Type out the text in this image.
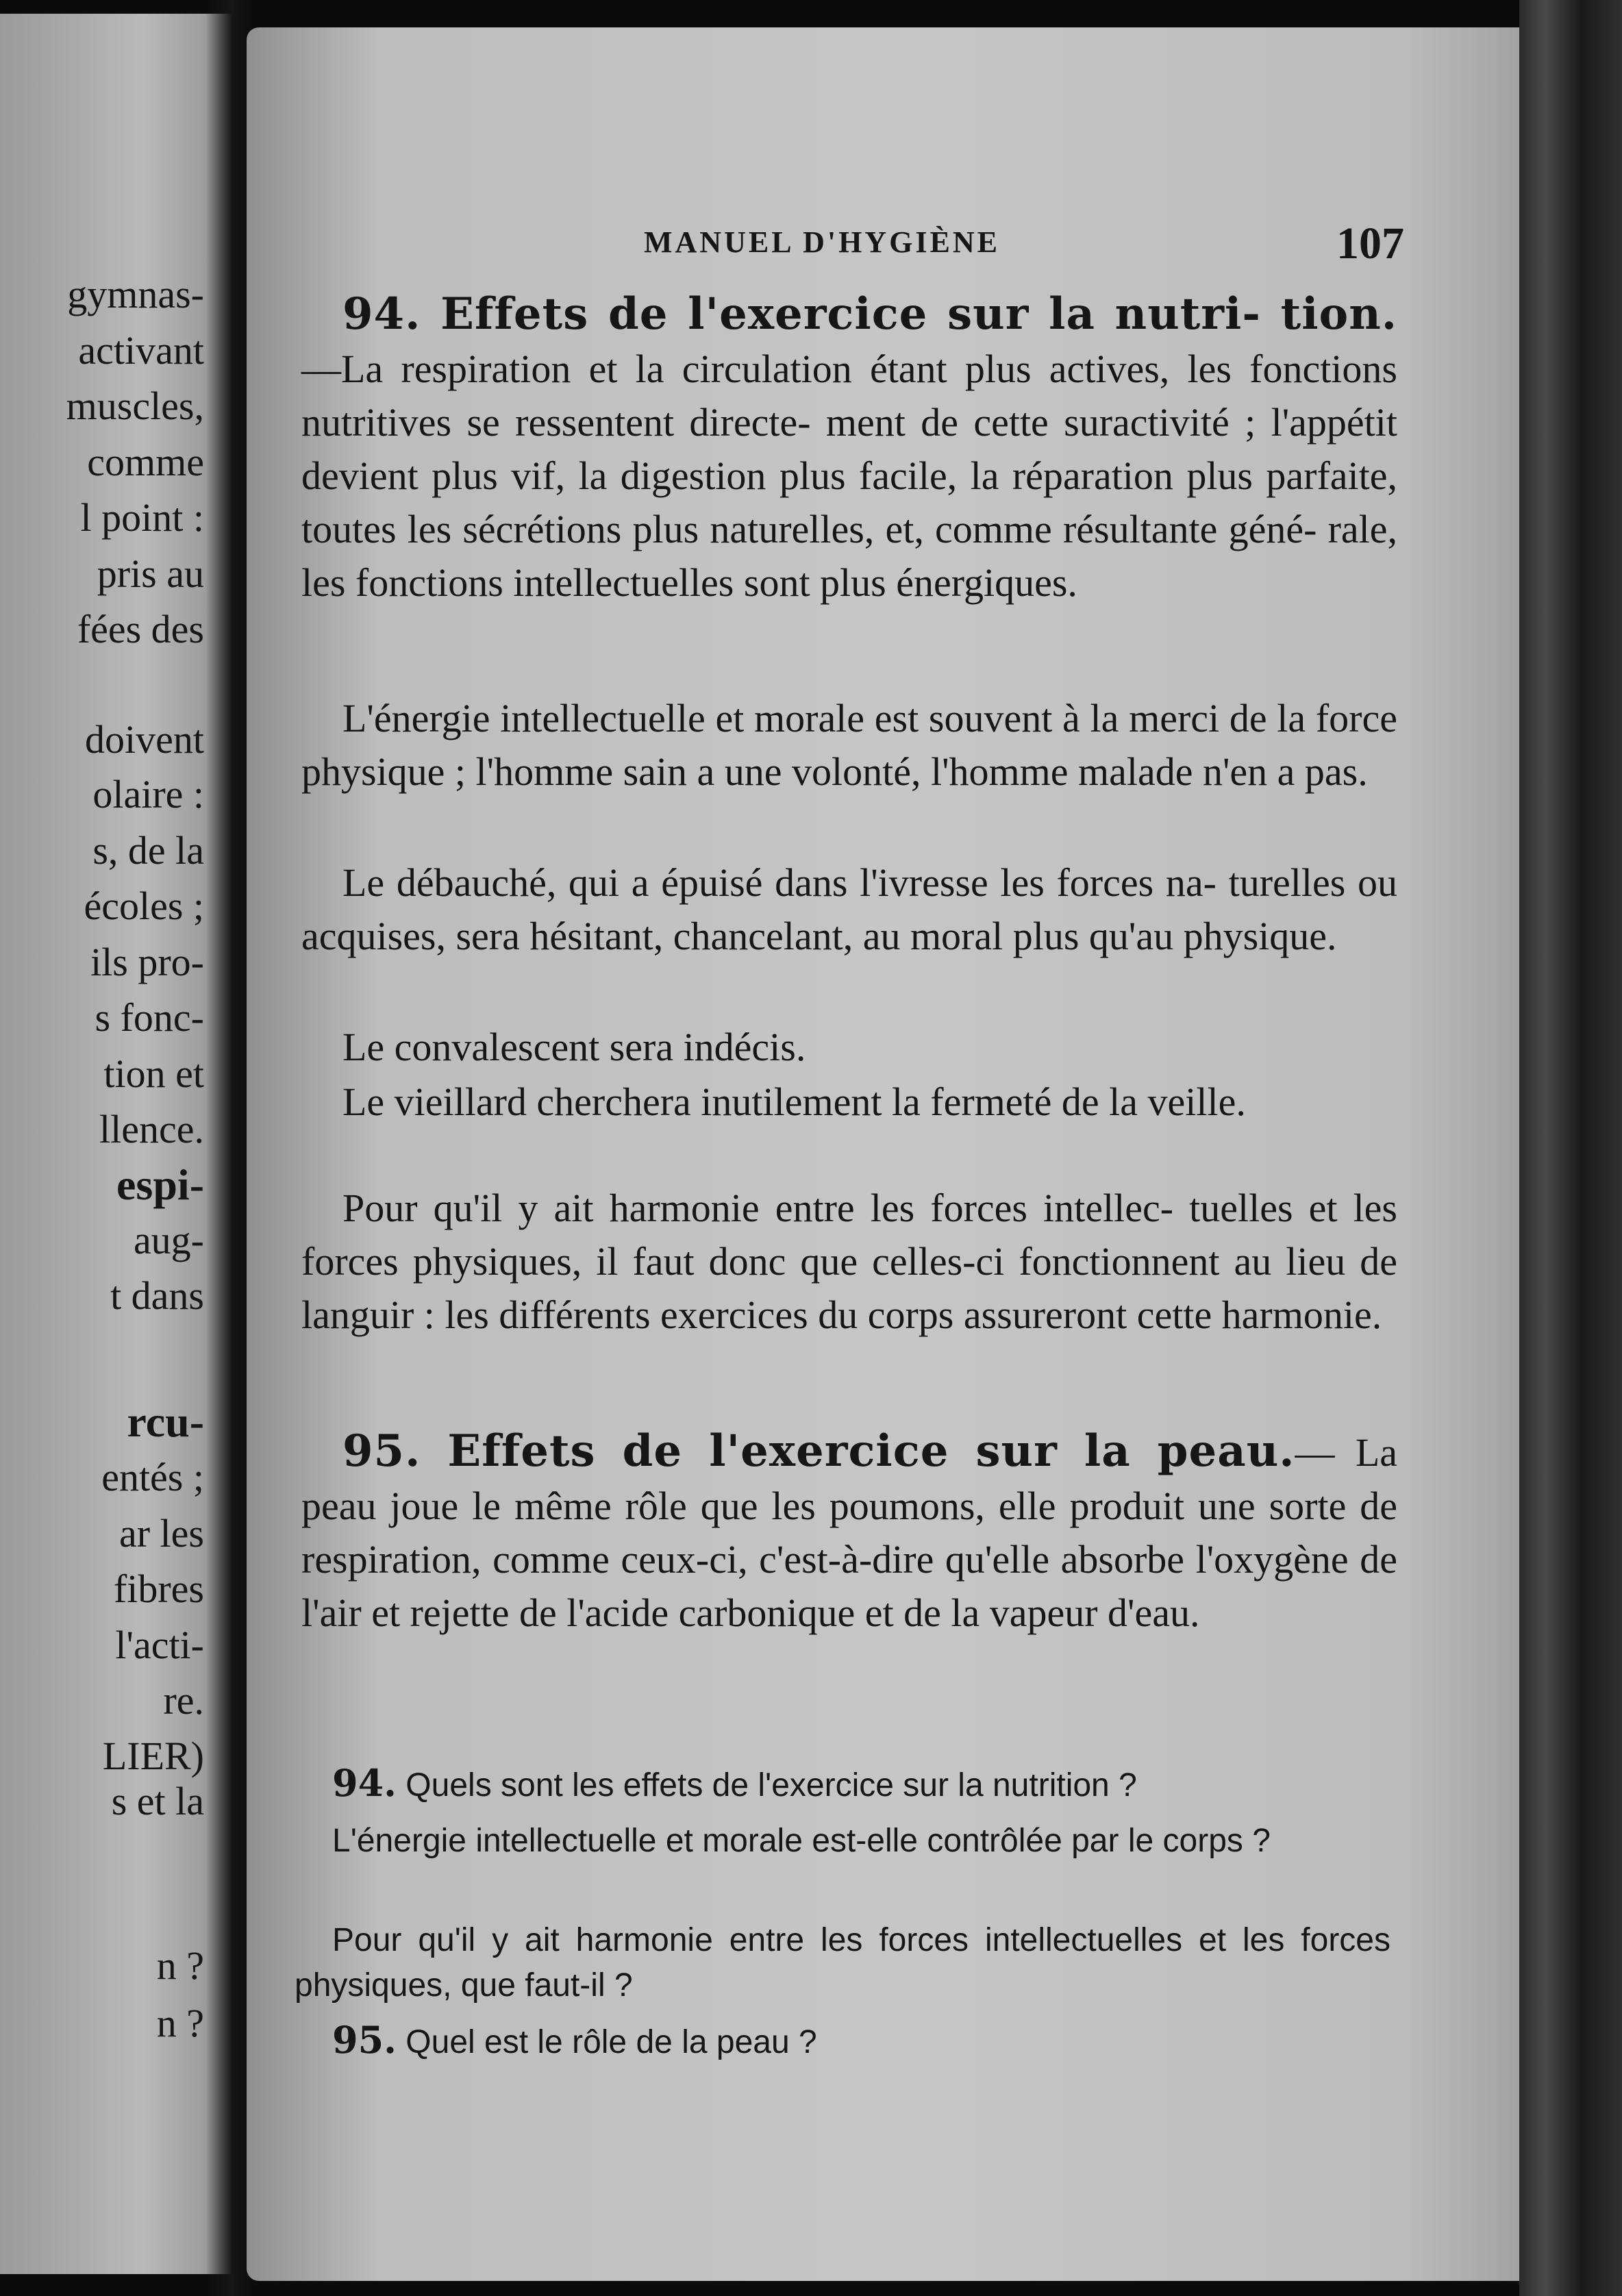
gymnas-
activant
muscles,
comme
l point :
pris au
fées des
doivent
olaire :
s, de la
écoles ;
ils pro-
s fonc-
tion et
llence.
espi-
aug-
t dans
rcu-
entés ;
ar les
fibres
l'acti-
re.
LIER)
s et la
n ?
n ?
MANUEL D'HYGIÈNE	107
94. Effets de l'exercice sur la nutri- tion.—La respiration et la circulation étant plus actives, les fonctions nutritives se ressentent directe- ment de cette suractivité ; l'appétit devient plus vif, la digestion plus facile, la réparation plus parfaite, toutes les sécrétions plus naturelles, et, comme résultante géné- rale, les fonctions intellectuelles sont plus énergiques.
L'énergie intellectuelle et morale est souvent à la merci de la force physique ; l'homme sain a une volonté, l'homme malade n'en a pas.
Le débauché, qui a épuisé dans l'ivresse les forces na- turelles ou acquises, sera hésitant, chancelant, au moral plus qu'au physique.
Le convalescent sera indécis.
Le vieillard cherchera inutilement la fermeté de la veille.
Pour qu'il y ait harmonie entre les forces intellec- tuelles et les forces physiques, il faut donc que celles-ci fonctionnent au lieu de languir : les différents exercices du corps assureront cette harmonie.
95. Effets de l'exercice sur la peau.— La peau joue le même rôle que les poumons, elle produit une sorte de respiration, comme ceux-ci, c'est-à-dire qu'elle absorbe l'oxygène de l'air et rejette de l'acide carbonique et de la vapeur d'eau.
94. Quels sont les effets de l'exercice sur la nutrition ?
L'énergie intellectuelle et morale est-elle contrôlée par le corps ?
Pour qu'il y ait harmonie entre les forces intellectuelles et les forces physiques, que faut-il ?
95. Quel est le rôle de la peau ?
